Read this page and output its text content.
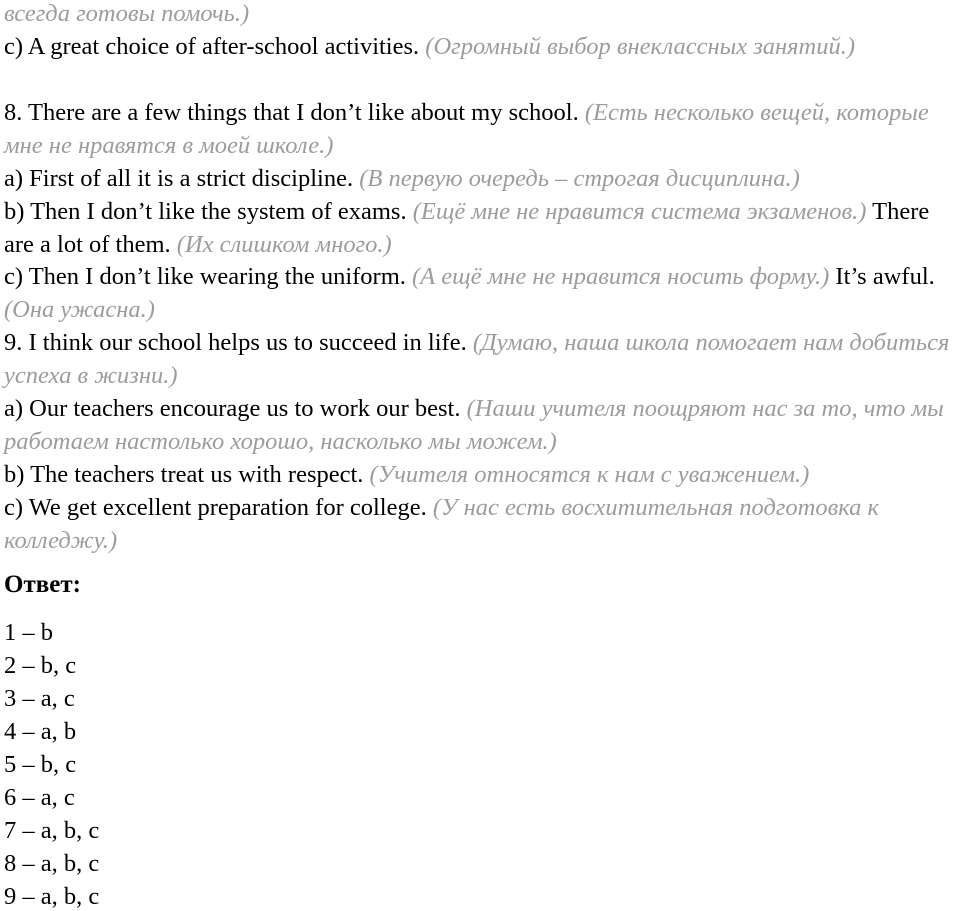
всегда готовы помочь.)

c) A great choice of after-school activities. (Огромный выбор внеклассных занятий.)

8. There are a few things that I don’t like about my school. (Есть несколько вещей, которые мне не нравятся в моей школе.)

a) First of all it is a strict discipline. (В первую очередь – строгая дисциплина.)

b) Then I don’t like the system of exams. (Ещё мне не нравится система экзаменов.) There are a lot of them. (Их слишком много.)

c) Then I don’t like wearing the uniform. (А ещё мне не нравится носить форму.) It’s awful. (Она ужасна.)

9. I think our school helps us to succeed in life. (Думаю, наша школа помогает нам добиться успеха в жизни.)

a) Our teachers encourage us to work our best. (Наши учителя поощряют нас за то, что мы работаем настолько хорошо, насколько мы можем.)

b) The teachers treat us with respect. (Учителя относятся к нам с уважением.)

c) We get excellent preparation for college. (У нас есть восхитительная подготовка к колледжу.)

Ответ:

1 – b
2 – b, c
3 – a, c
4 – a, b
5 – b, c
6 – a, c
7 – a, b, c
8 – a, b, c
9 – a, b, c
